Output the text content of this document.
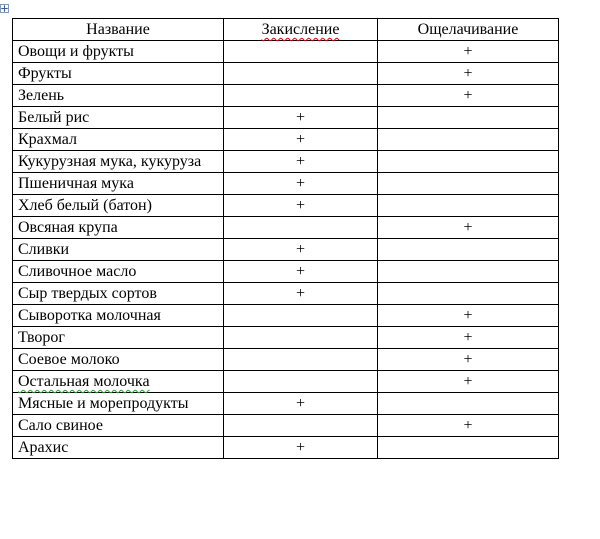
Название	Закисление	Ощелачивание
Овощи и фрукты		+
Фрукты		+
Зелень		+
Белый рис	+	
Крахмал	+	
Кукурузная мука, кукуруза	+	
Пшеничная мука	+	
Хлеб белый (батон)	+	
Овсяная крупа		+
Сливки	+	
Сливочное масло	+	
Сыр твердых сортов	+	
Сыворотка молочная		+
Творог		+
Соевое молоко		+
Остальная молочка		+
Мясные и морепродукты	+	
Сало свиное		+
Арахис	+	
